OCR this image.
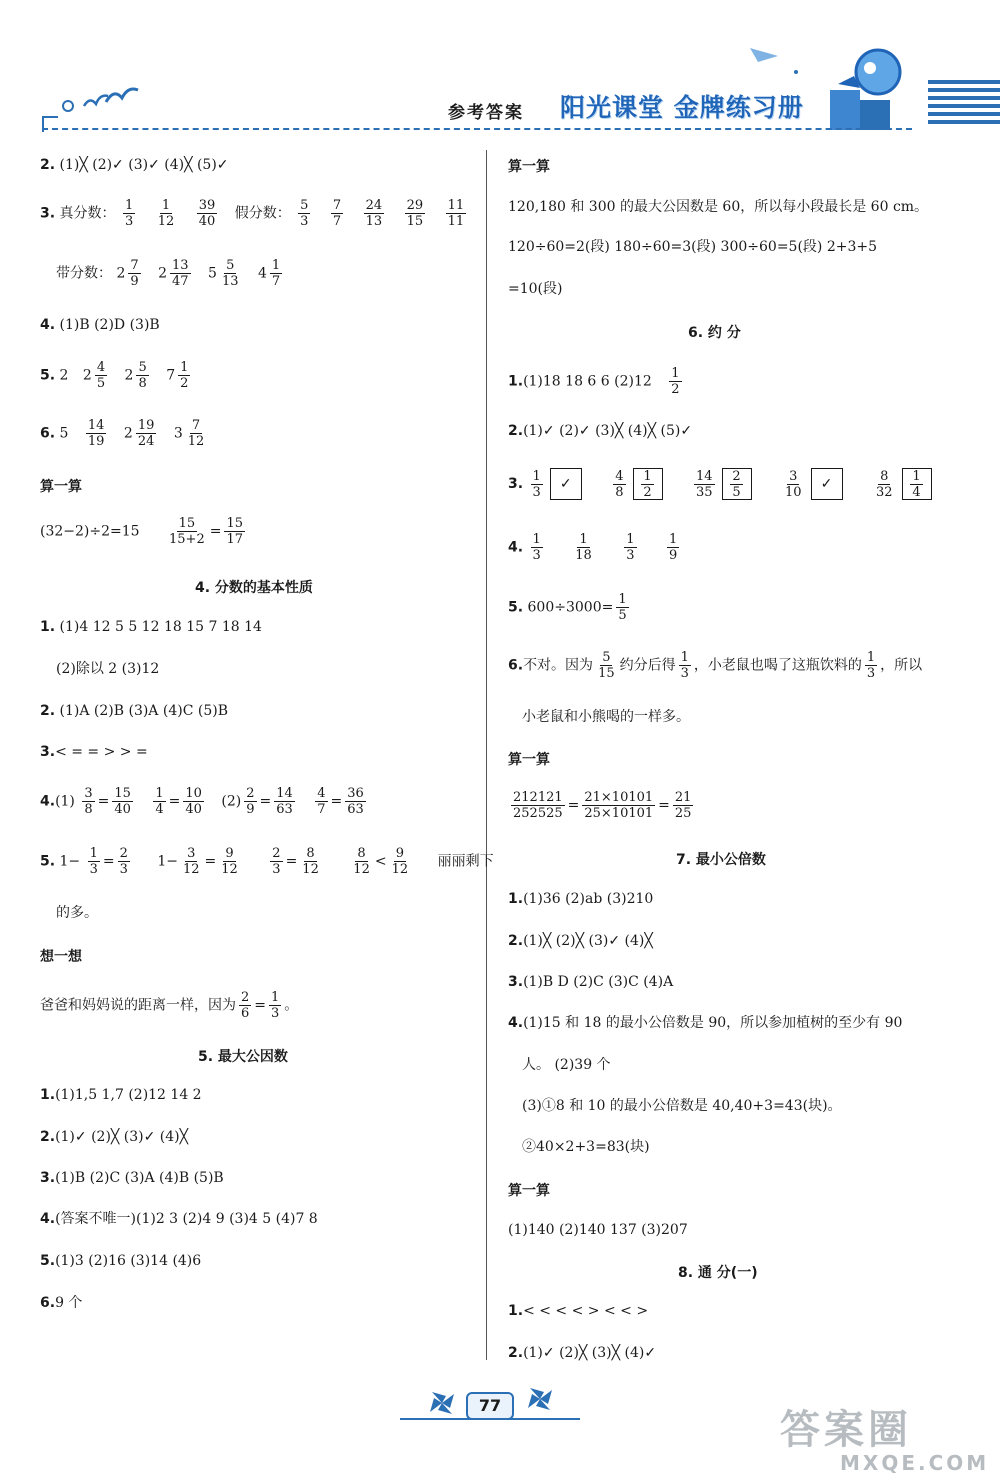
参考答案 阳光课堂 金牌练习册
2. (1)╳ (2)✓ (3)✓ (4)╳ (5)✓
3. 真分数： $\frac{1}{3}$
$\frac{1}{12}$
$\frac{39}{40}$ 假分数： $\frac{5}{3}$
$\frac{7}{7}$
$\frac{24}{13}$
$\frac{29}{15}$
$\frac{11}{11}$
带分数： $2 \frac{7}{9} 2 \frac{13}{47} 5 \frac{5}{13} 4 \frac{1}{7}$
4. (1)B (2)D (3)B
5. 2 $2 \frac{4}{5} 2 \frac{5}{8} 7 \frac{1}{2}$
6. $5 \frac{14}{19} 2 \frac{19}{24} 3 \frac{7}{12}$
算一算
$(32-2)\div 2=15 \frac{15}{15+2} = \frac{15}{17}$
4. 分数的基本性质
1. (1)4 12 5 5 12 18 15 7 18 14
(2)除以 2 (3)12
2. (1)A (2)B (3)A (4)C (5)B
3.< = = > > =
$4.(1) \frac{3}{8} = \frac{15}{40}$
$\frac{1}{4} = \frac{10}{40} (2) \frac{2}{9} = \frac{14}{63}$
$\frac{4}{7} = \frac{36}{63}$
5. $1- \frac{1}{3} = \frac{2}{3} 1- \frac{3}{12} = \frac{9}{12}$
$\frac{2}{3} = \frac{8}{12}$
$\frac{8}{12} < \frac{9}{12}$ 丽丽剩下
的多。
想一想
爸爸和妈妈说的距离一样，因为 $\frac{2}{6} = \frac{1}{3}$ 。
5. 最大公因数
1.(1)1,5 1,7 (2)12 14 2
2.(1)✓ (2)╳ (3)✓ (4)╳
3.(1)B (2)C (3)A (4)B (5)B
4.(答案不唯一)(1)2 3 (2)4 9 (3)4 5 (4)7 8
5.(1)3 (2)16 (3)14 (4)6
6.9 个
算一算
120,180 和 300 的最大公因数是 60，所以每小段最长是 60 cm。
120÷60=2(段) 180÷60=3(段) 300÷60=5(段) 2+3+5
=10(段)
6. 约 分
1.(1)18 18 6 6 $(2)12 \frac{1}{2}$
2.(1)✓ (2)✓ (3)╳ (4)╳ (5)✓
3. $\frac{1}{3}$ ✓	$\frac{4}{8} \frac{1}{2}$
	$\frac{14}{35} \frac{2}{5}$
	$\frac{3}{10}$ ✓	$\frac{8}{32} \frac{1}{4}$
4. $\frac{1}{3}$
$\frac{1}{18}$
$\frac{1}{3}$
$\frac{1}{9}$
5. $600\div 3000= \frac{1}{5}$
6.不对。因为 $\frac{5}{15}$ 约分后得 $\frac{1}{3}$ ，小老鼠也喝了这瓶饮料的 $\frac{1}{3}$ ，所以
小老鼠和小熊喝的一样多。
算一算
$\frac{212121}{252525} = \frac{21\times 10101}{25\times 10101} = \frac{21}{25}$
7. 最小公倍数
1.(1)36 (2)ab (3)210
2.(1)╳ (2)╳ (3)✓ (4)╳
3.(1)B D (2)C (3)C (4)A
4.(1)15 和 18 的最小公倍数是 90，所以参加植树的至少有 90
人。 (2)39 个
(3)①8 和 10 的最小公倍数是 40,40+3=43(块)。
②40×2+3=83(块)
算一算
(1)140 (2)140 137 (3)207
8. 通 分(一)
1.< < < < > < < >
2.(1)✓ (2)╳ (3)╳ (4)✓
77
答案圈
MXQE.COM
